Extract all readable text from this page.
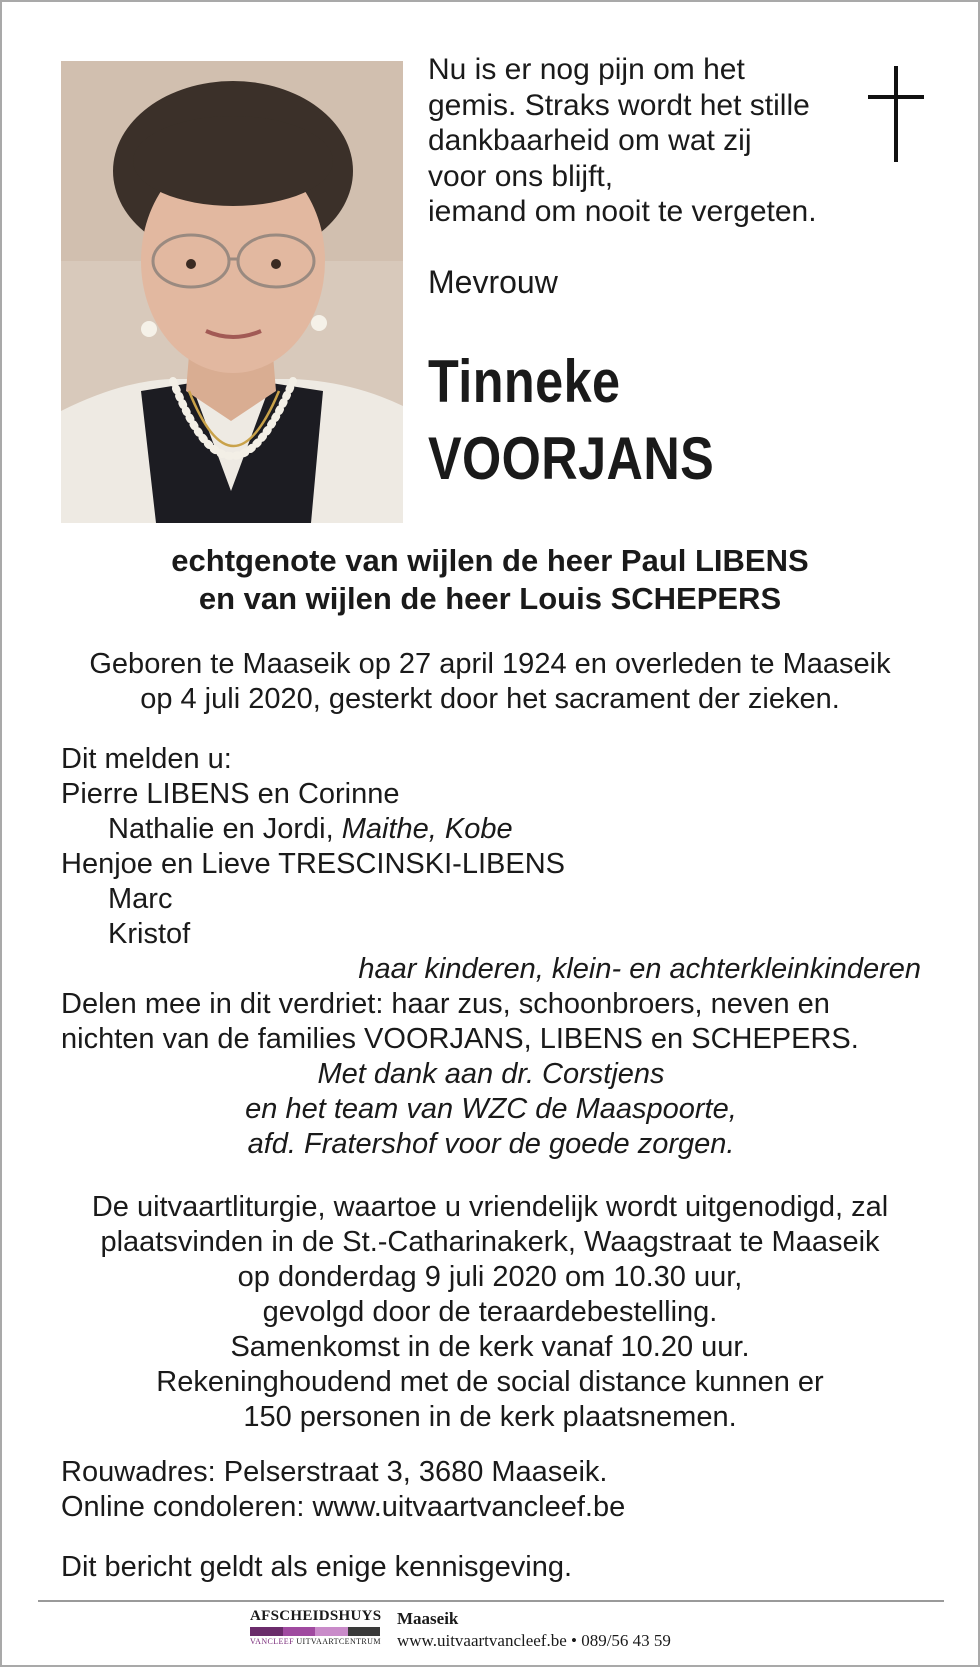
Nu is er nog pijn om het
gemis. Straks wordt het stille
dankbaarheid om wat zij
voor ons blijft,
iemand om nooit te vergeten.
Mevrouw
Tinneke
VOORJANS
echtgenote van wijlen de heer Paul LIBENS
en van wijlen de heer Louis SCHEPERS
Geboren te Maaseik op 27 april 1924 en overleden te Maaseik
op 4 juli 2020, gesterkt door het sacrament der zieken.
Dit melden u:
Pierre LIBENS en Corinne
Nathalie en Jordi, Maithe, Kobe
Henjoe en Lieve TRESCINSKI-LIBENS
Marc
Kristof
haar kinderen, klein- en achterkleinkinderen
Delen mee in dit verdriet: haar zus, schoonbroers, neven en
nichten van de families VOORJANS, LIBENS en SCHEPERS.
Met dank aan dr. Corstjens
en het team van WZC de Maaspoorte,
afd. Fratershof voor de goede zorgen.
De uitvaartliturgie, waartoe u vriendelijk wordt uitgenodigd, zal
plaatsvinden in de St.-Catharinakerk, Waagstraat te Maaseik
op donderdag 9 juli 2020 om 10.30 uur,
gevolgd door de teraardebestelling.
Samenkomst in de kerk vanaf 10.20 uur.
Rekeninghoudend met de social distance kunnen er
150 personen in de kerk plaatsnemen.
Rouwadres: Pelserstraat 3, 3680 Maaseik.
Online condoleren: www.uitvaartvancleef.be
Dit bericht geldt als enige kennisgeving.
AFSCHEIDSHUYS
VANCLEEF UITVAARTCENTRUM
Maaseik
www.uitvaartvancleef.be • 089/56 43 59
